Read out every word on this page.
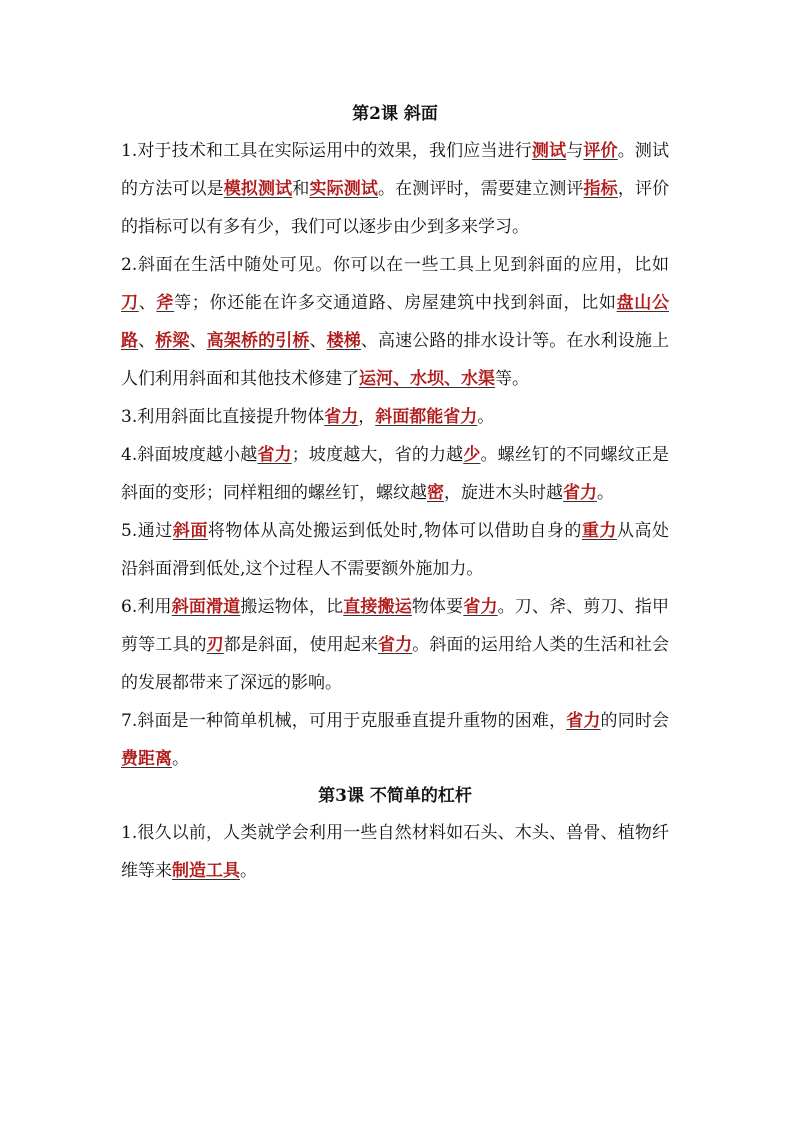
第2课 斜面
1.对于技术和工具在实际运用中的效果，我们应当进行测试与评价。测试的方法可以是模拟测试和实际测试。在测评时，需要建立测评指标，评价的指标可以有多有少，我们可以逐步由少到多来学习。
2.斜面在生活中随处可见。你可以在一些工具上见到斜面的应用，比如刀、斧等；你还能在许多交通道路、房屋建筑中找到斜面，比如盘山公路、桥梁、高架桥的引桥、楼梯、高速公路的排水设计等。在水利设施上人们利用斜面和其他技术修建了运河、水坝、水渠等。
3.利用斜面比直接提升物体省力，斜面都能省力。
4.斜面坡度越小越省力；坡度越大，省的力越少。螺丝钉的不同螺纹正是斜面的变形；同样粗细的螺丝钉，螺纹越密，旋进木头时越省力。
5.通过斜面将物体从高处搬运到低处时,物体可以借助自身的重力从高处沿斜面滑到低处,这个过程人不需要额外施加力。
6.利用斜面滑道搬运物体，比直接搬运物体要省力。刀、斧、剪刀、指甲剪等工具的刃都是斜面，使用起来省力。斜面的运用给人类的生活和社会的发展都带来了深远的影响。
7.斜面是一种简单机械，可用于克服垂直提升重物的困难，省力的同时会费距离。
第3课 不简单的杠杆
1.很久以前，人类就学会利用一些自然材料如石头、木头、兽骨、植物纤维等来制造工具。
